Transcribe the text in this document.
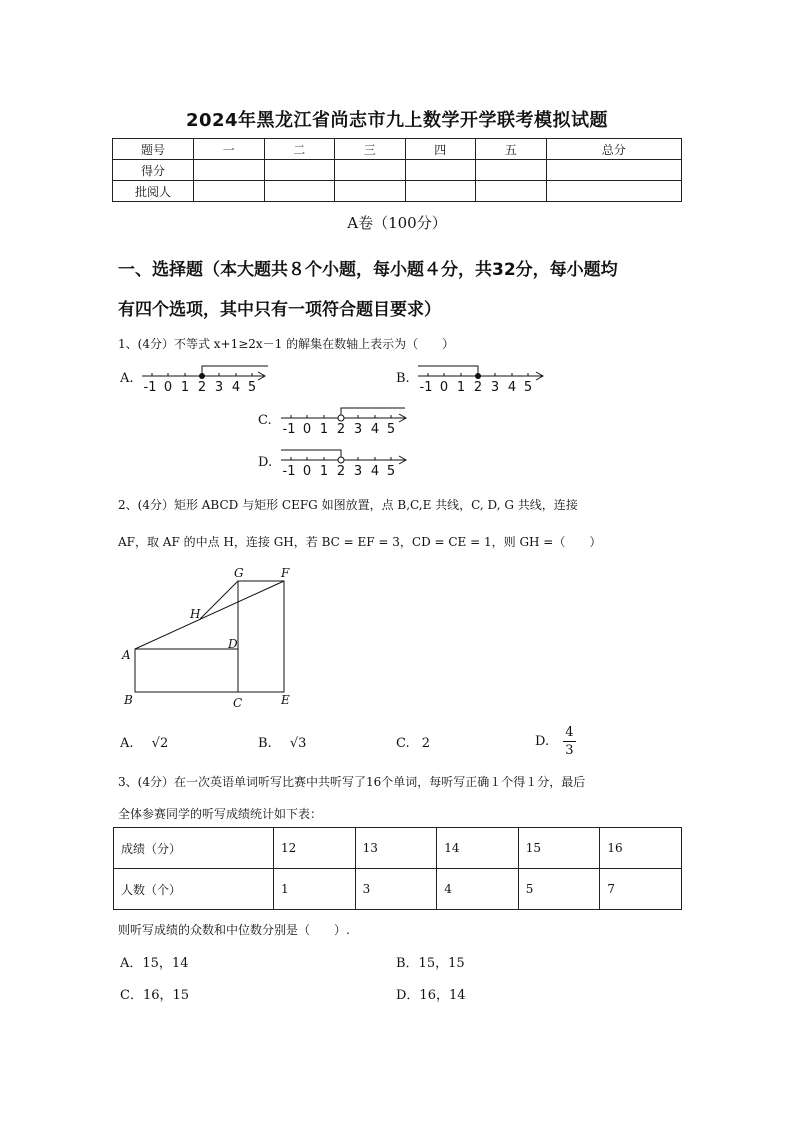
2024年黑龙江省尚志市九上数学开学联考模拟试题
题号	一	二	三	四	五	总分
得分						
批阅人						
A卷（100分）
一、选择题（本大题共８个小题，每小题４分，共32分，每小题均
有四个选项，其中只有一项符合题目要求）
1、(4分）不等式 x+1≥2x－1 的解集在数轴上表示为（　　）
A.
-1 0 1 2 3 4 5
B.
-1 0 1 2 3 4 5
C.
-1 0 1 2 3 4 5
D.
-1 0 1 2 3 4 5
2、(4分）矩形 ABCD 与矩形 CEFG 如图放置，点 B,C,E 共线，C, D, G 共线，连接
AF，取 AF 的中点 H，连接 GH，若 BC = EF = 3，CD = CE = 1，则 GH =（　　）
G	F
H
D
A
B	C	E
A. √2	B. √3	C. 2	D. $\frac{4}{3}$
3、(4分）在一次英语单词听写比赛中共听写了16个单词，每听写正确１个得１分，最后
全体参赛同学的听写成绩统计如下表：
成绩（分）	12	13	14	15	16
人数（个）	1	3	4	5	7
则听写成绩的众数和中位数分别是（　　）.
A．15，14	B．15，15
C．16，15	D．16，14
